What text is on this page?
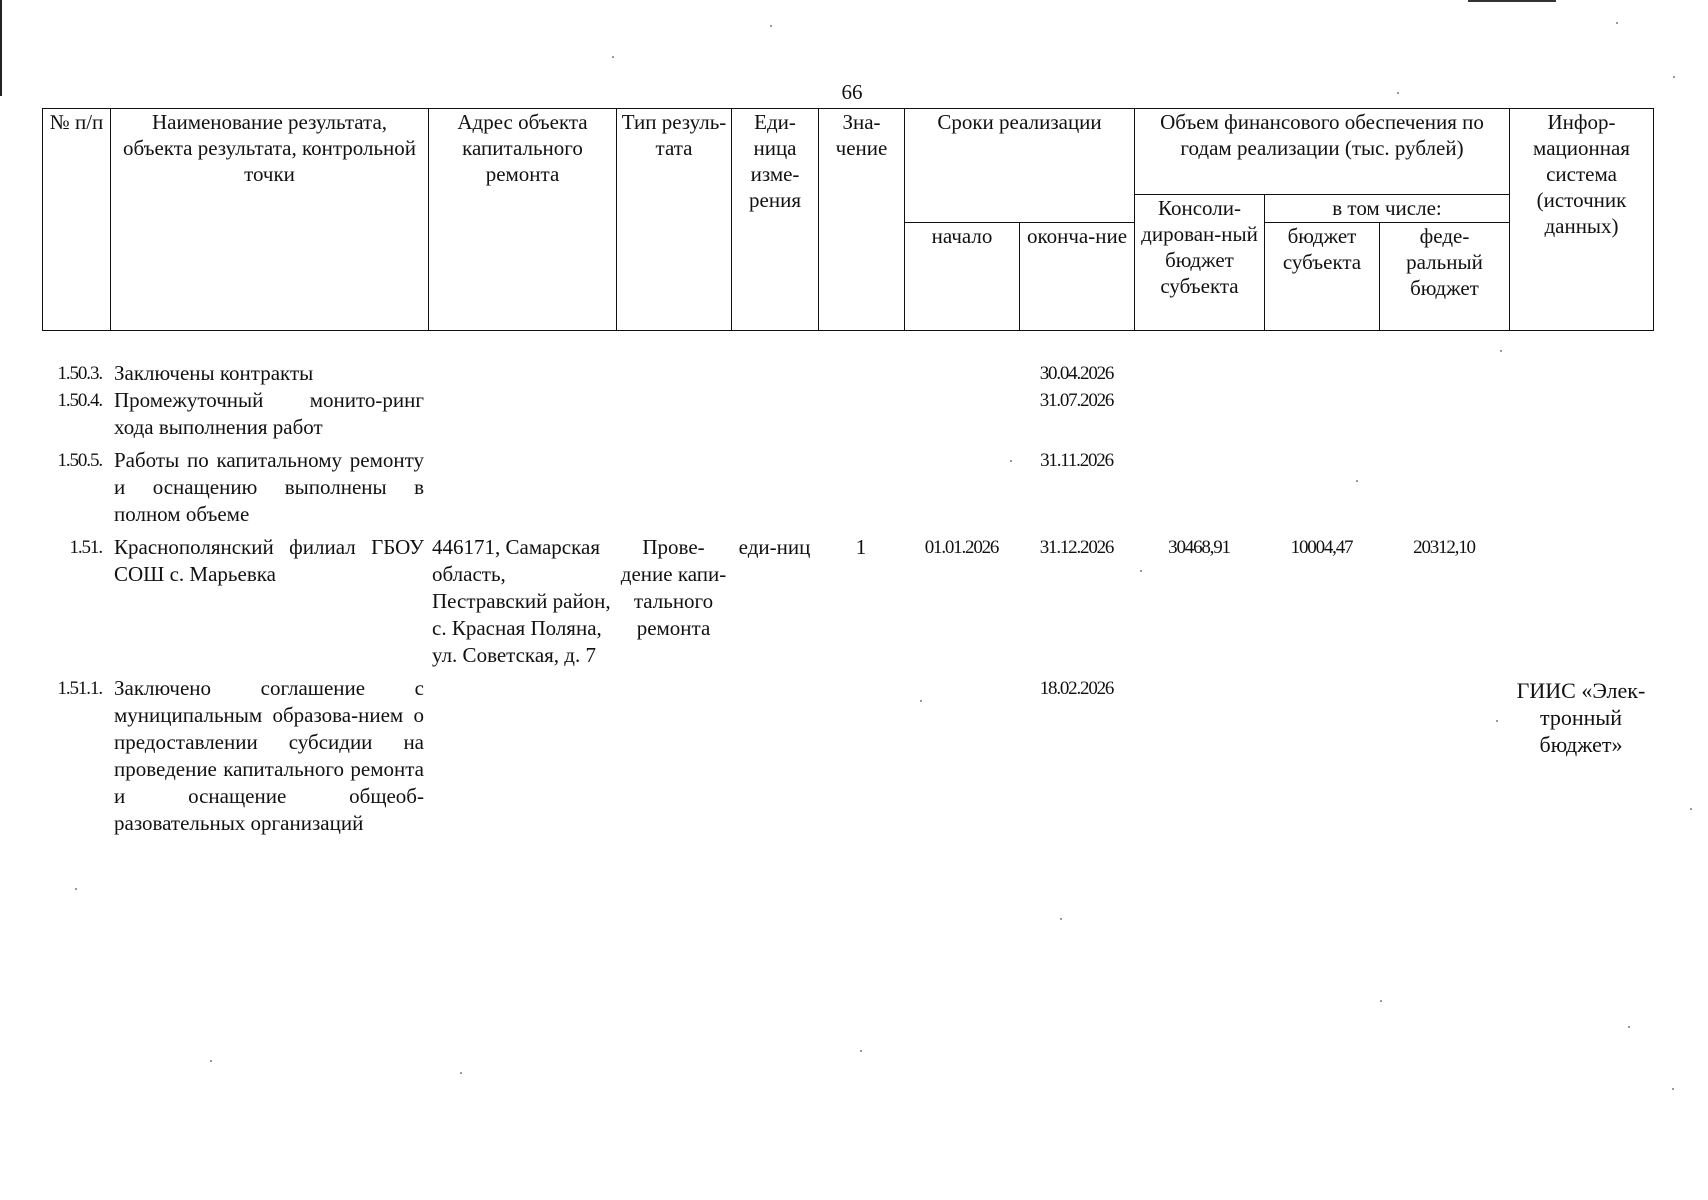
66
№ п/п	Наименование результата, объекта результата, контрольной точки	Адрес объекта капитального ремонта	Тип резуль-тата	Еди-ница изме-рения	Зна-чение	Сроки реализации		Объем финансового обеспечения по годам реализации (тыс. рублей)			Инфор-мационная система (источник данных)
								Консоли-дирован-ный бюджет субъекта	в том числе:		
						начало	оконча-ние		бюджет субъекта	феде-ральный бюджет	
1.50.3.	Заключены контракты						30.04.2026				
1.50.4.	Промежуточный монито-ринг хода выполнения работ						31.07.2026				

1.50.5.	Работы по капитальному ремонту и оснащению выполнены в полном объеме						31.11.2026				

1.51.	Краснополянский филиал ГБОУ СОШ с. Марьевка	446171, Самарская область, Пестравский район, с. Красная Поляна, ул. Советская, д. 7	Прове-дение капи-тального ремонта	еди-ниц	1	01.01.2026	31.12.2026	30468,91	10004,47	20312,10	

1.51.1.	Заключено соглашение с муниципальным образова-нием о предоставлении субсидии на проведение капитального ремонта и оснащение общеоб-разовательных организаций						18.02.2026				ГИИС «Элек-тронный бюджет»
